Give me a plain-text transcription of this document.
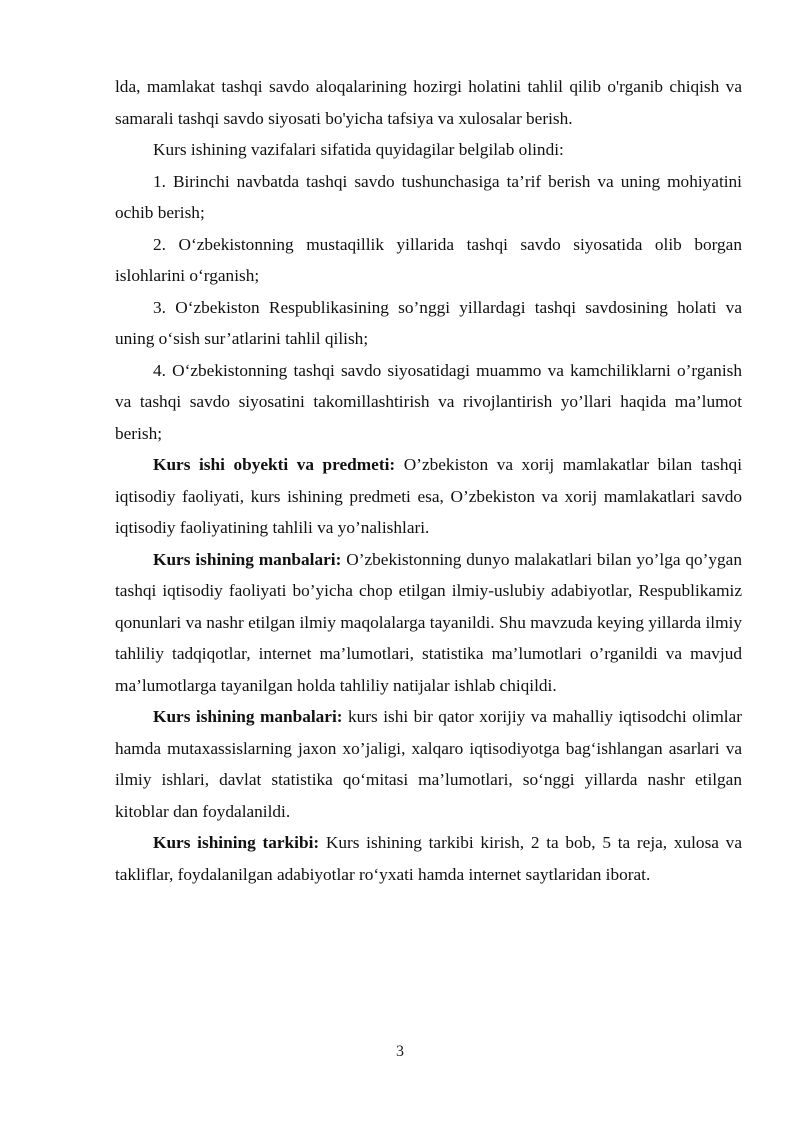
lda, mamlakat tashqi savdo aloqalarining hozirgi holatini tahlil qilib o'rganib chiqish va samarali tashqi savdo siyosati bo'yicha tafsiya va xulosalar berish.

Kurs ishining vazifalari sifatida quyidagilar belgilab olindi:

1. Birinchi navbatda tashqi savdo tushunchasiga ta’rif berish va uning mohiyatini ochib berish;

2. O‘zbekistonning mustaqillik yillarida tashqi savdo siyosatida olib borgan islohlarini o‘rganish;

3. O‘zbekiston Respublikasining so’nggi yillardagi tashqi savdosining holati va uning o‘sish sur’atlarini tahlil qilish;

4. O‘zbekistonning tashqi savdo siyosatidagi muammo va kamchiliklarni o’rganish va tashqi savdo siyosatini takomillashtirish va rivojlantirish yo’llari haqida ma’lumot berish;

Kurs ishi obyekti va predmeti: O’zbekiston va xorij mamlakatlar bilan tashqi iqtisodiy faoliyati, kurs ishining predmeti esa, O’zbekiston va xorij mamlakatlari savdo iqtisodiy faoliyatining tahlili va yo’nalishlari.

Kurs ishining manbalari: O’zbekistonning dunyo malakatlari bilan yo’lga qo’ygan tashqi iqtisodiy faoliyati bo’yicha chop etilgan ilmiy-uslubiy adabiyotlar, Respublikamiz qonunlari va nashr etilgan ilmiy maqolalarga tayanildi. Shu mavzuda keying yillarda ilmiy tahliliy tadqiqotlar, internet ma’lumotlari, statistika ma’lumotlari o’rganildi va mavjud ma’lumotlarga tayanilgan holda tahliliy natijalar ishlab chiqildi.

Kurs ishining manbalari: kurs ishi bir qator xorijiy va mahalliy iqtisodchi olimlar hamda mutaxassislarning jaxon xo’jaligi, xalqaro iqtisodiyotga bag‘ishlangan asarlari va ilmiy ishlari, davlat statistika qo‘mitasi ma’lumotlari, so‘nggi yillarda nashr etilgan kitoblar dan foydalanildi.

Kurs ishining tarkibi: Kurs ishining tarkibi kirish, 2 ta bob, 5 ta reja, xulosa va takliflar, foydalanilgan adabiyotlar ro‘yxati hamda internet saytlaridan iborat.

3
